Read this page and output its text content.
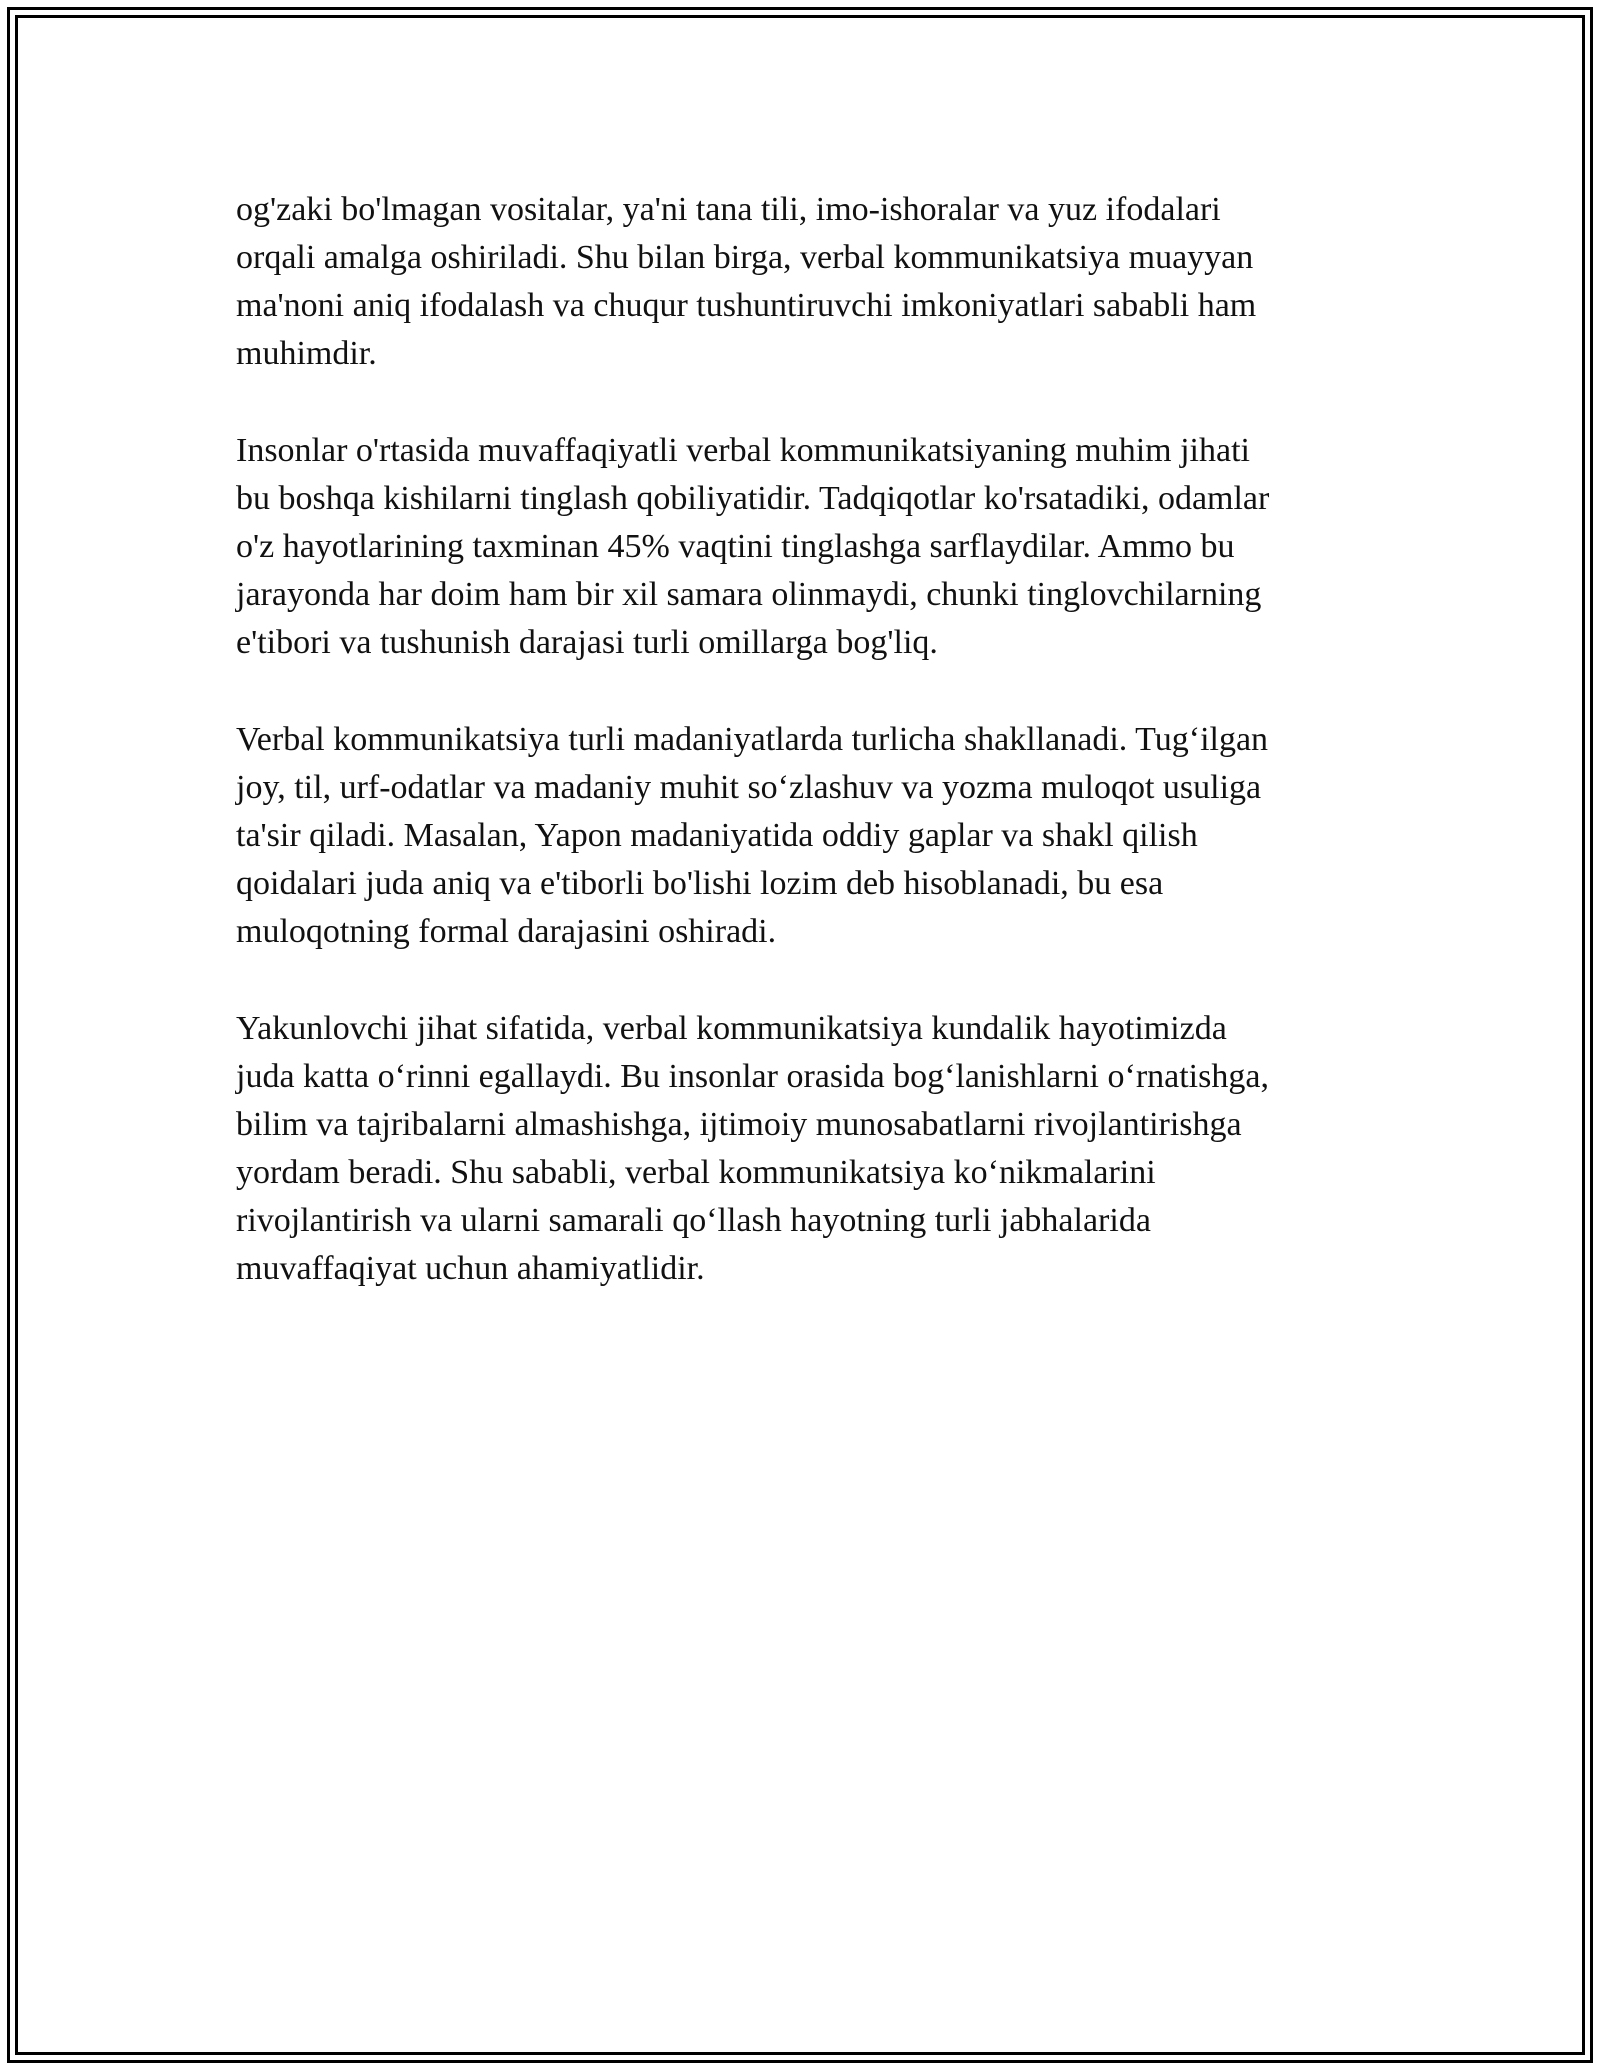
og'zaki bo'lmagan vositalar, ya'ni tana tili, imo-ishoralar va yuz ifodalari
orqali amalga oshiriladi. Shu bilan birga, verbal kommunikatsiya muayyan
ma'noni aniq ifodalash va chuqur tushuntiruvchi imkoniyatlari sababli ham
muhimdir.
Insonlar o'rtasida muvaffaqiyatli verbal kommunikatsiyaning muhim jihati
bu boshqa kishilarni tinglash qobiliyatidir. Tadqiqotlar ko'rsatadiki, odamlar
o'z hayotlarining taxminan 45% vaqtini tinglashga sarflaydilar. Ammo bu
jarayonda har doim ham bir xil samara olinmaydi, chunki tinglovchilarning
e'tibori va tushunish darajasi turli omillarga bog'liq.
Verbal kommunikatsiya turli madaniyatlarda turlicha shakllanadi. Tug‘ilgan
joy, til, urf-odatlar va madaniy muhit so‘zlashuv va yozma muloqot usuliga
ta'sir qiladi. Masalan, Yapon madaniyatida oddiy gaplar va shakl qilish
qoidalari juda aniq va e'tiborli bo'lishi lozim deb hisoblanadi, bu esa
muloqotning formal darajasini oshiradi.
Yakunlovchi jihat sifatida, verbal kommunikatsiya kundalik hayotimizda
juda katta o‘rinni egallaydi. Bu insonlar orasida bog‘lanishlarni o‘rnatishga,
bilim va tajribalarni almashishga, ijtimoiy munosabatlarni rivojlantirishga
yordam beradi. Shu sababli, verbal kommunikatsiya ko‘nikmalarini
rivojlantirish va ularni samarali qo‘llash hayotning turli jabhalarida
muvaffaqiyat uchun ahamiyatlidir.
